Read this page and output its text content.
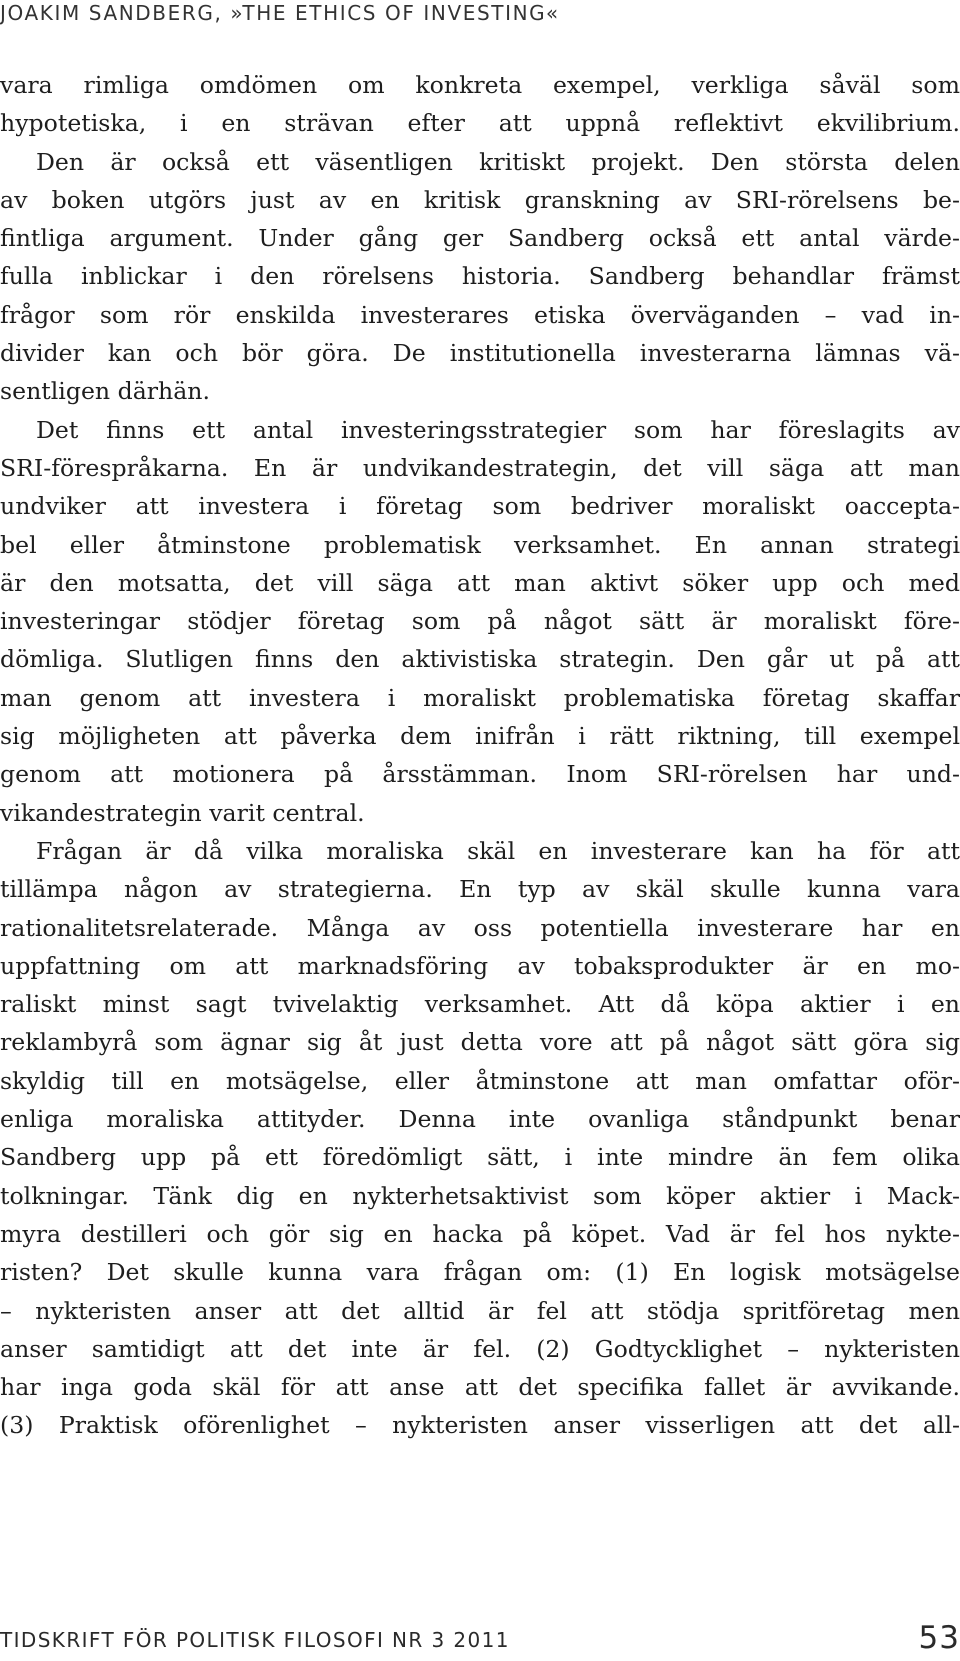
JOAKIM SANDBERG, »THE ETHICS OF INVESTING«
vara rimliga omdömen om konkreta exempel, verkliga såväl som
hypotetiska, i en strävan efter att uppnå reflektivt ekvilibrium.
Den är också ett väsentligen kritiskt projekt. Den största delen
av boken utgörs just av en kritisk granskning av SRI-rörelsens be-
fintliga argument. Under gång ger Sandberg också ett antal värde-
fulla inblickar i den rörelsens historia. Sandberg behandlar främst
frågor som rör enskilda investerares etiska överväganden – vad in-
divider kan och bör göra. De institutionella investerarna lämnas vä-
sentligen därhän.
Det finns ett antal investeringsstrategier som har föreslagits av
SRI-förespråkarna. En är undvikandestrategin, det vill säga att man
undviker att investera i företag som bedriver moraliskt oaccepta-
bel eller åtminstone problematisk verksamhet. En annan strategi
är den motsatta, det vill säga att man aktivt söker upp och med
investeringar stödjer företag som på något sätt är moraliskt före-
dömliga. Slutligen finns den aktivistiska strategin. Den går ut på att
man genom att investera i moraliskt problematiska företag skaffar
sig möjligheten att påverka dem inifrån i rätt riktning, till exempel
genom att motionera på årsstämman. Inom SRI-rörelsen har und-
vikandestrategin varit central.
Frågan är då vilka moraliska skäl en investerare kan ha för att
tillämpa någon av strategierna. En typ av skäl skulle kunna vara
rationalitetsrelaterade. Många av oss potentiella investerare har en
uppfattning om att marknadsföring av tobaksprodukter är en mo-
raliskt minst sagt tvivelaktig verksamhet. Att då köpa aktier i en
reklambyrå som ägnar sig åt just detta vore att på något sätt göra sig
skyldig till en motsägelse, eller åtminstone att man omfattar oför-
enliga moraliska attityder. Denna inte ovanliga ståndpunkt benar
Sandberg upp på ett föredömligt sätt, i inte mindre än fem olika
tolkningar. Tänk dig en nykterhetsaktivist som köper aktier i Mack-
myra destilleri och gör sig en hacka på köpet. Vad är fel hos nykte-
risten? Det skulle kunna vara frågan om: (1) En logisk motsägelse
– nykteristen anser att det alltid är fel att stödja spritföretag men
anser samtidigt att det inte är fel. (2) Godtycklighet – nykteristen
har inga goda skäl för att anse att det specifika fallet är avvikande.
(3) Praktisk oförenlighet – nykteristen anser visserligen att det all-
TIDSKRIFT FÖR POLITISK FILOSOFI NR 3 2011	53
